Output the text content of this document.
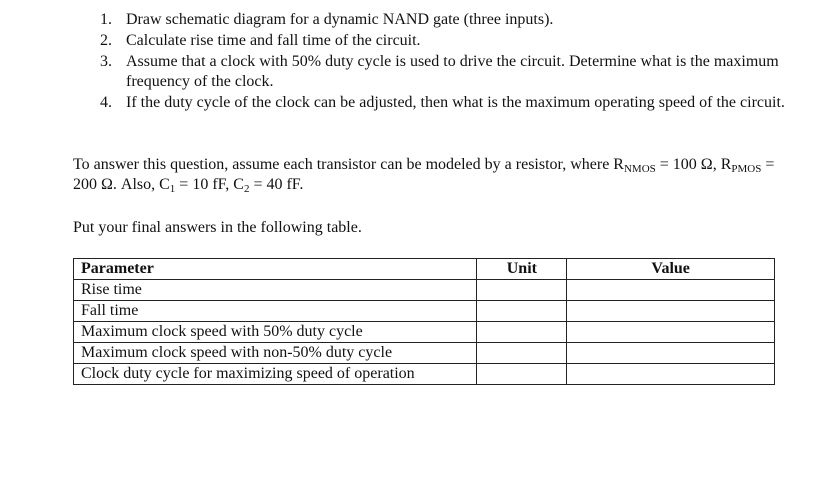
1. Draw schematic diagram for a dynamic NAND gate (three inputs).
2. Calculate rise time and fall time of the circuit.
3. Assume that a clock with 50% duty cycle is used to drive the circuit. Determine what is the maximum frequency of the clock.
4. If the duty cycle of the clock can be adjusted, then what is the maximum operating speed of the circuit.

To answer this question, assume each transistor can be modeled by a resistor, where $R_{NMOS} = 100$ Ω, $R_{PMOS} = 200$ Ω. Also, $C_1 = 10$ fF, $C_2 = 40$ fF.

Put your final answers in the following table.

Parameter	Unit	Value
Rise time		
Fall time		
Maximum clock speed with 50% duty cycle		
Maximum clock speed with non-50% duty cycle		
Clock duty cycle for maximizing speed of operation		
